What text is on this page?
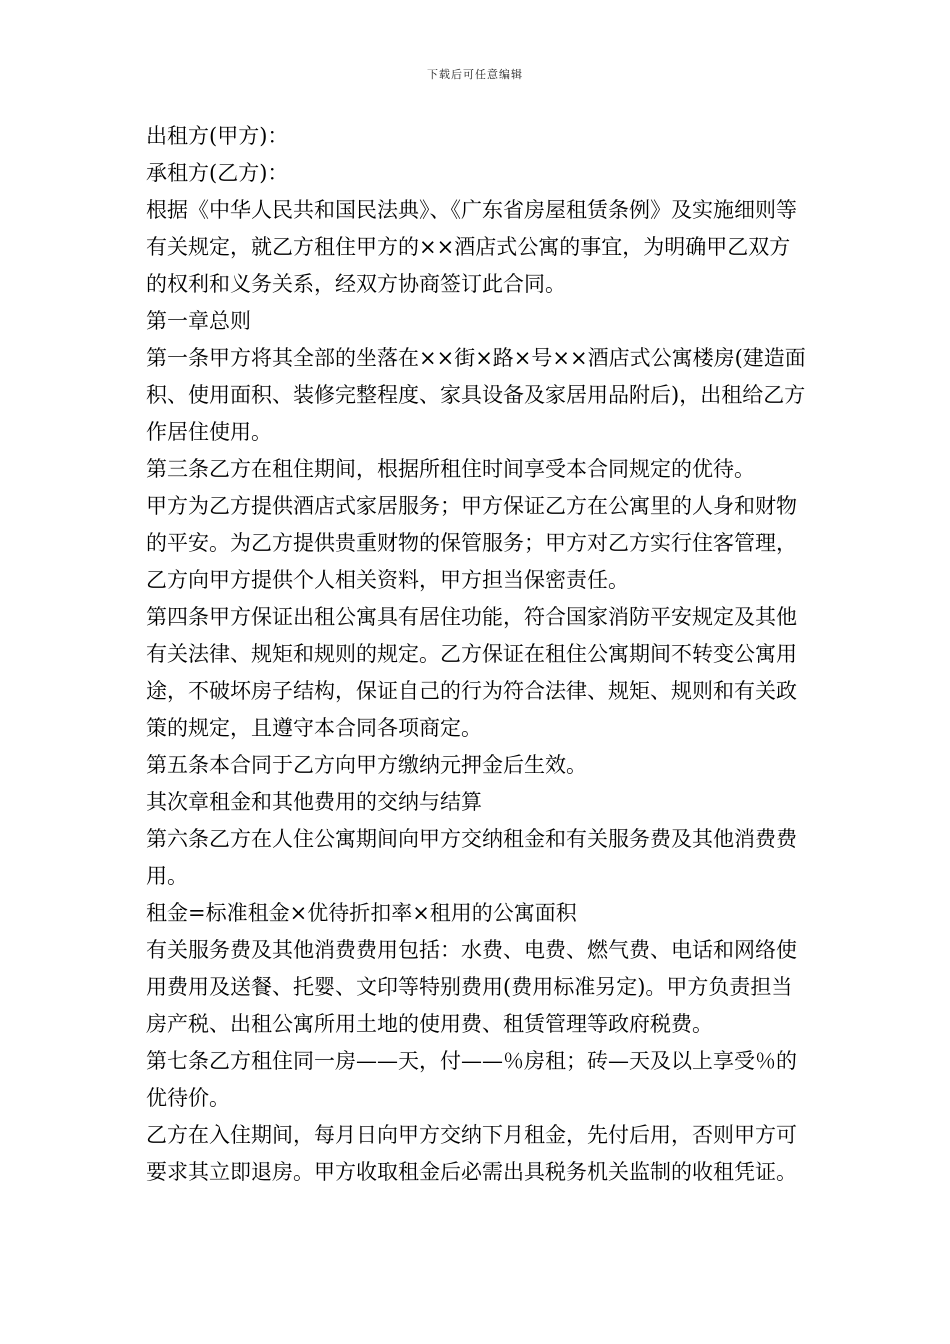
下载后可任意编辑

出租方(甲方)：

承租方(乙方)：

根据《中华人民共和国民法典》、《广东省房屋租赁条例》及实施细则等有关规定，就乙方租住甲方的××酒店式公寓的事宜，为明确甲乙双方的权利和义务关系，经双方协商签订此合同。

第一章总则

第一条甲方将其全部的坐落在××街×路×号××酒店式公寓楼房(建造面积、使用面积、装修完整程度、家具设备及家居用品附后)，出租给乙方作居住使用。

第三条乙方在租住期间，根据所租住时间享受本合同规定的优待。

甲方为乙方提供酒店式家居服务；甲方保证乙方在公寓里的人身和财物的平安。为乙方提供贵重财物的保管服务；甲方对乙方实行住客管理，乙方向甲方提供个人相关资料，甲方担当保密责任。

第四条甲方保证出租公寓具有居住功能，符合国家消防平安规定及其他有关法律、规矩和规则的规定。乙方保证在租住公寓期间不转变公寓用途，不破坏房子结构，保证自己的行为符合法律、规矩、规则和有关政策的规定，且遵守本合同各项商定。

第五条本合同于乙方向甲方缴纳元押金后生效。

其次章租金和其他费用的交纳与结算

第六条乙方在人住公寓期间向甲方交纳租金和有关服务费及其他消费费用。

租金=标准租金×优待折扣率×租用的公寓面积

有关服务费及其他消费费用包括：水费、电费、燃气费、电话和网络使用费用及送餐、托婴、文印等特别费用(费用标准另定)。甲方负责担当房产税、出租公寓所用土地的使用费、租赁管理等政府税费。

第七条乙方租住同一房——天，付——％房租；砖—天及以上享受％的优待价。

乙方在入住期间，每月日向甲方交纳下月租金，先付后用，否则甲方可要求其立即退房。甲方收取租金后必需出具税务机关监制的收租凭证。
